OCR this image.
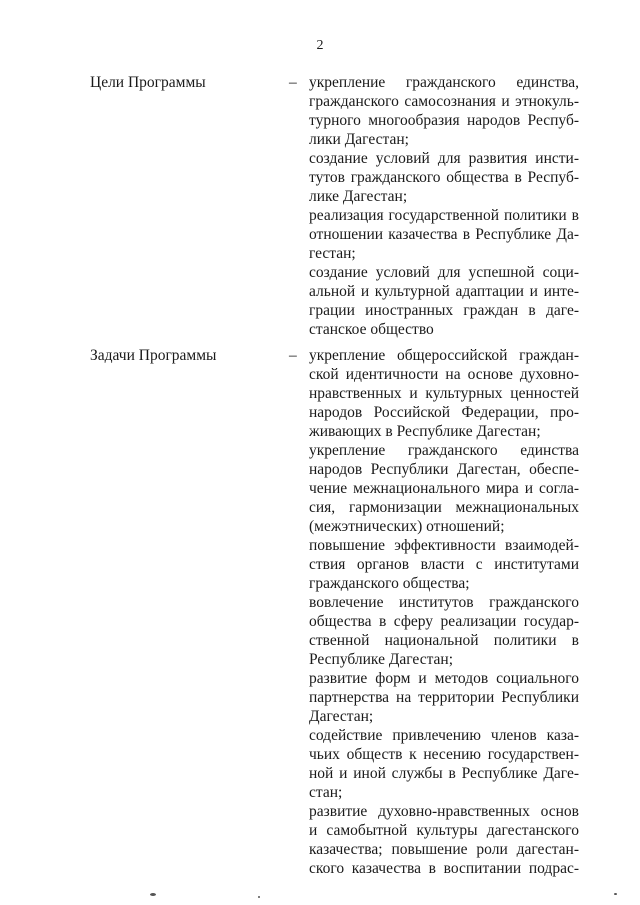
2
Цели Программы	– укрепление гражданского единства,
гражданского самосознания и этнокуль-
турного многообразия народов Респуб-
лики Дагестан;
создание условий для развития инсти-
тутов гражданского общества в Респуб-
лике Дагестан;
реализация государственной политики в
отношении казачества в Республике Да-
гестан;
создание условий для успешной соци-
альной и культурной адаптации и инте-
грации иностранных граждан в даге-
станское общество
Задачи Программы	– укрепление общероссийской граждан-
ской идентичности на основе духовно-
нравственных и культурных ценностей
народов Российской Федерации, про-
живающих в Республике Дагестан;
укрепление гражданского единства
народов Республики Дагестан, обеспе-
чение межнационального мира и согла-
сия, гармонизации межнациональных
(межэтнических) отношений;
повышение эффективности взаимодей-
ствия органов власти с институтами
гражданского общества;
вовлечение институтов гражданского
общества в сферу реализации государ-
ственной национальной политики в
Республике Дагестан;
развитие форм и методов социального
партнерства на территории Республики
Дагестан;
содействие привлечению членов каза-
чьих обществ к несению государствен-
ной и иной службы в Республике Даге-
стан;
развитие духовно-нравственных основ
и самобытной культуры дагестанского
казачества; повышение роли дагестан-
ского казачества в воспитании подрас-
